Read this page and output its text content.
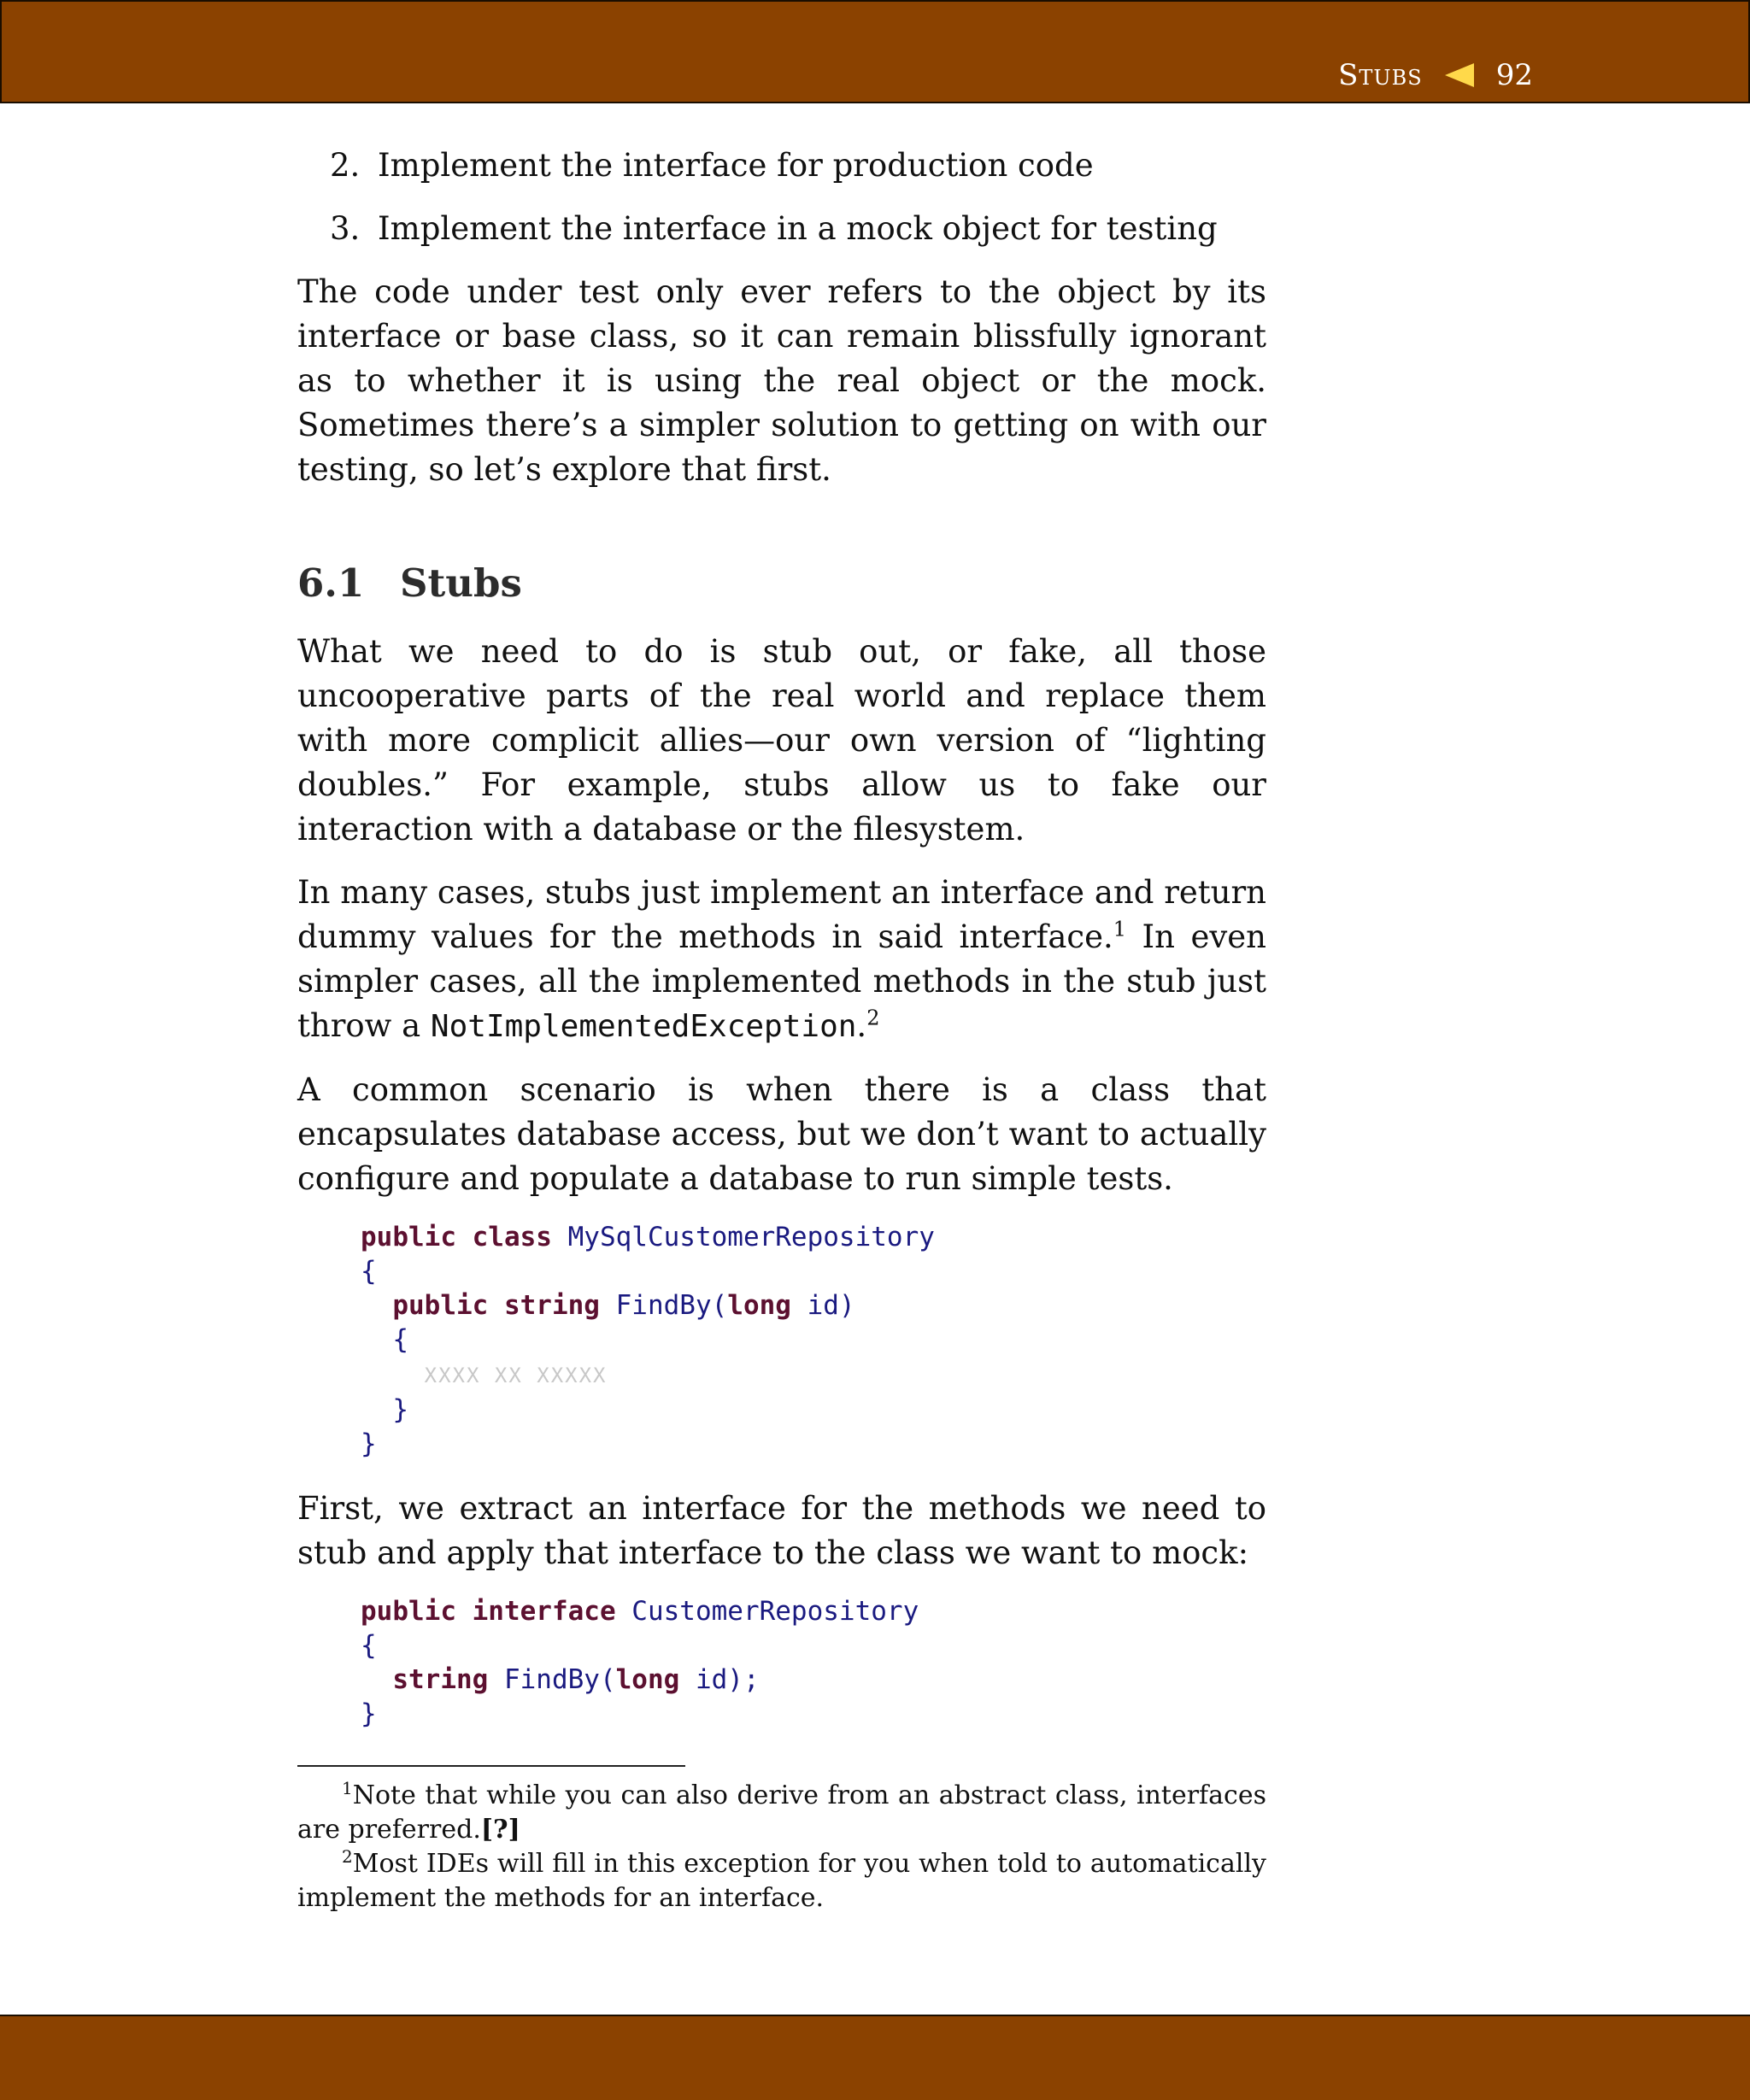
Stubs	92
2. Implement the interface for production code
3. Implement the interface in a mock object for testing

The code under test only ever refers to the object by its interface or base class, so it can remain blissfully ignorant as to whether it is using the real object or the mock. Sometimes there’s a simpler solution to getting on with our testing, so let’s explore that first.

6.1 Stubs

What we need to do is stub out, or fake, all those uncooperative parts of the real world and replace them with more complicit allies—our own version of “lighting doubles.” For example, stubs allow us to fake our interaction with a database or the filesystem.

In many cases, stubs just implement an interface and return dummy values for the methods in said interface.$^1$ In even simpler cases, all the implemented methods in the stub just throw a NotImplementedException.$^2$

A common scenario is when there is a class that encapsulates database access, but we don’t want to actually configure and populate a database to run simple tests.

public class MySqlCustomerRepository
{
public string FindBy(long id)
{
XXXX XX XXXXX
}
}

First, we extract an interface for the methods we need to stub and apply that interface to the class we want to mock:

public interface CustomerRepository
{
string FindBy(long id);
}

$^1$Note that while you can also derive from an abstract class, interfaces are preferred.[?]

$^2$Most IDEs will fill in this exception for you when told to automatically implement the methods for an interface.
